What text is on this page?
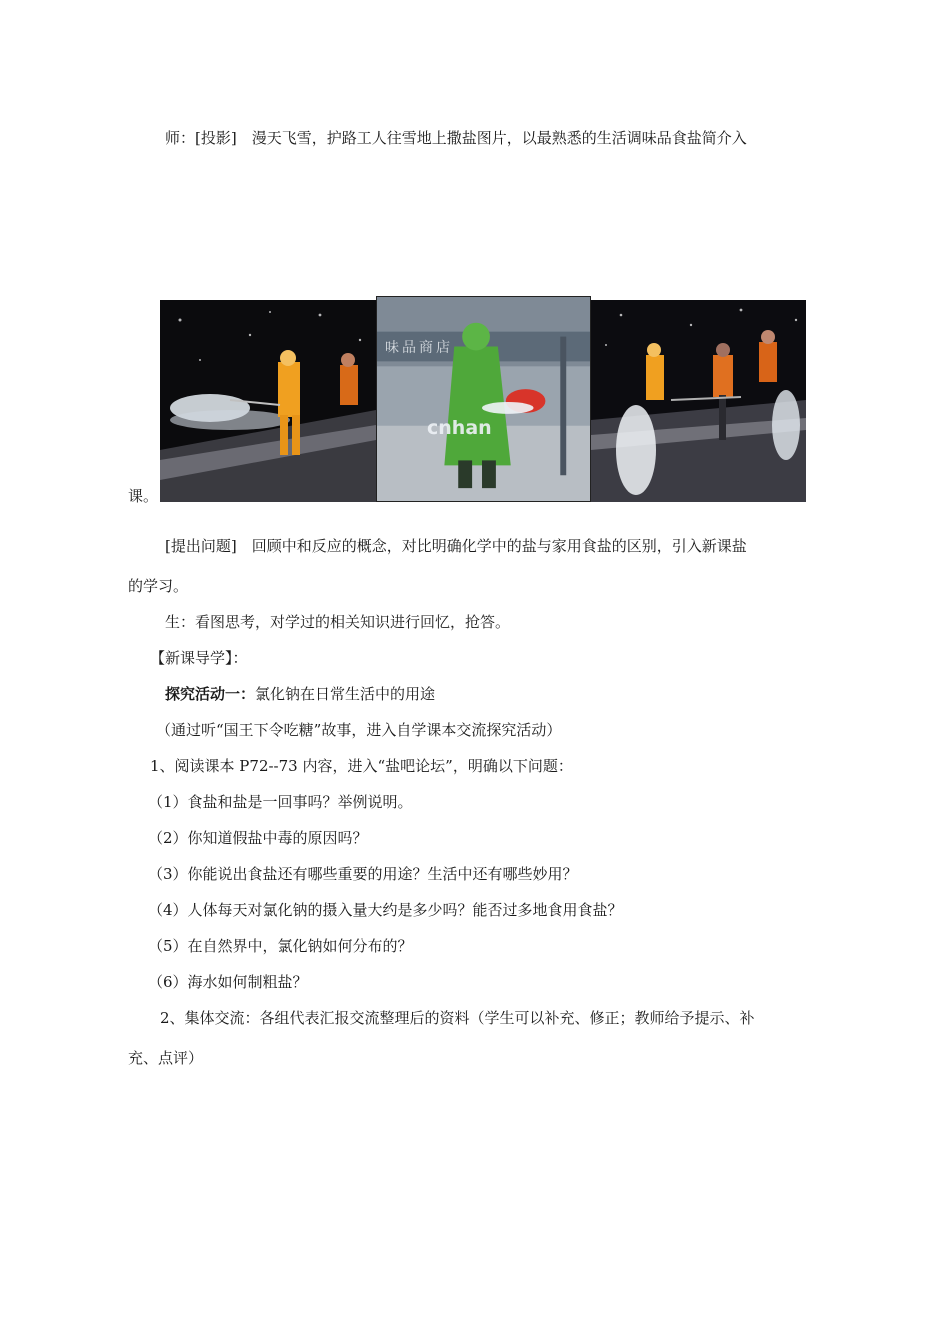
师：[投影]　漫天飞雪，护路工人往雪地上撒盐图片，以最熟悉的生活调味品食盐简介入
味品商店
cnhan
课。
[提出问题]　回顾中和反应的概念，对比明确化学中的盐与家用食盐的区别，引入新课盐
的学习。
生：看图思考，对学过的相关知识进行回忆，抢答。
【新课导学】：
探究活动一：氯化钠在日常生活中的用途
（通过听“国王下令吃糖”故事，进入自学课本交流探究活动）
1、阅读课本 P72--73 内容，进入“盐吧论坛”，明确以下问题：
（1）食盐和盐是一回事吗？举例说明。
（2）你知道假盐中毒的原因吗？
（3）你能说出食盐还有哪些重要的用途？生活中还有哪些妙用？
（4）人体每天对氯化钠的摄入量大约是多少吗？能否过多地食用食盐？
（5）在自然界中，氯化钠如何分布的？
（6）海水如何制粗盐？
2、集体交流：各组代表汇报交流整理后的资料（学生可以补充、修正；教师给予提示、补
充、点评）
